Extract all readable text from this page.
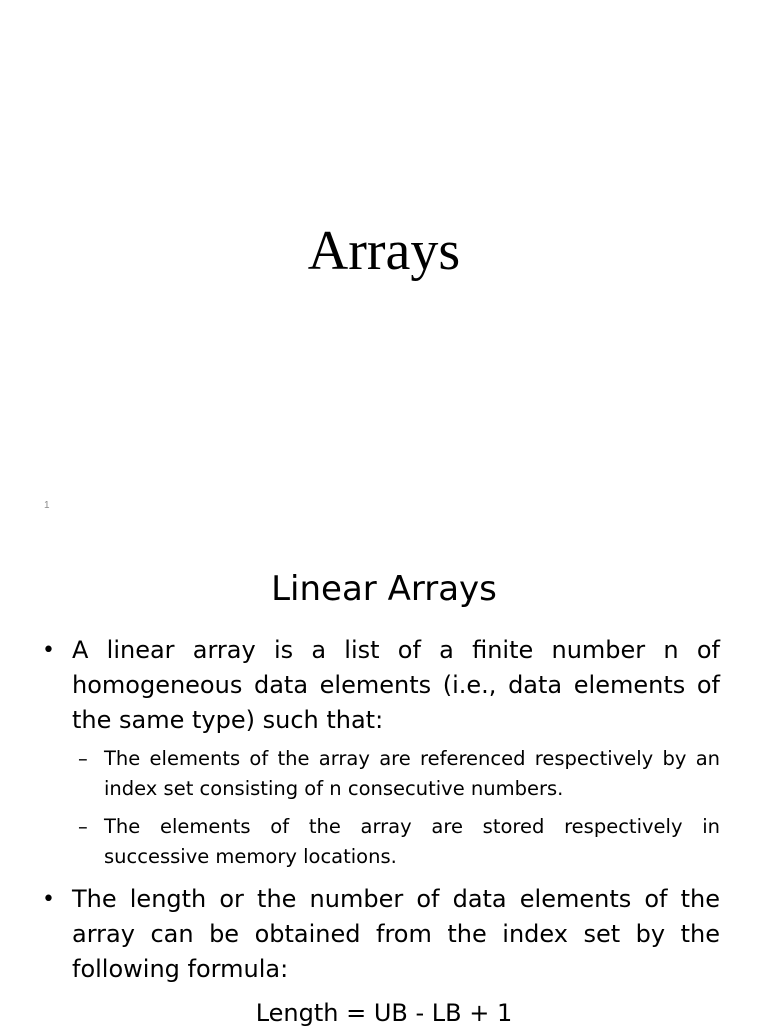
Arrays
1
Linear Arrays
• A linear array is a list of a finite number n of homogeneous data elements (i.e., data elements of the same type) such that:
– The elements of the array are referenced respectively by an index set consisting of n consecutive numbers.
– The elements of the array are stored respectively in successive memory locations.
• The length or the number of data elements of the array can be obtained from the index set by the following formula:
Length = UB - LB + 1
